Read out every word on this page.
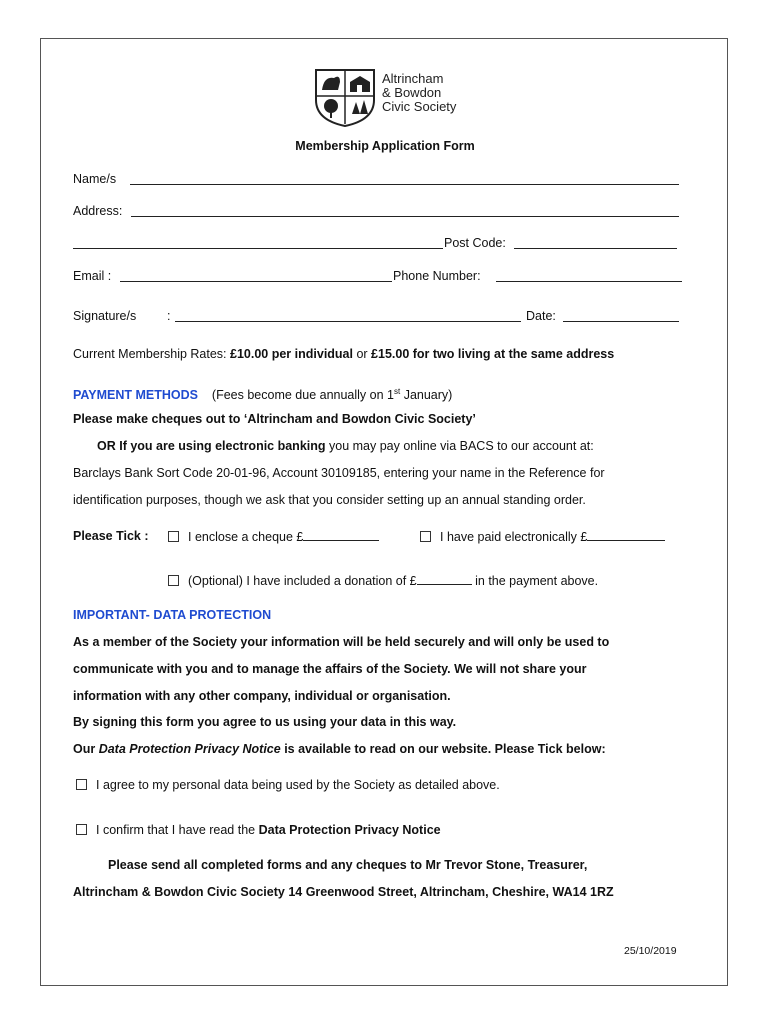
Altrincham
& Bowdon
Civic Society
Membership Application Form
Name/s
Address:
Post Code:
Email :	Phone Number:
Signature/s :	Date:
Current Membership Rates: £10.00 per individual or £15.00 for two living at the same address
PAYMENT METHODS (Fees become due annually on 1st January)
Please make cheques out to ‘Altrincham and Bowdon Civic Society’
OR If you are using electronic banking you may pay online via BACS to our account at:
Barclays Bank Sort Code 20-01-96, Account 30109185, entering your name in the Reference for
identification purposes, though we ask that you consider setting up an annual standing order.
Please Tick :	I enclose a cheque £	I have paid electronically £
(Optional) I have included a donation of £	in the payment above.
IMPORTANT- DATA PROTECTION
As a member of the Society your information will be held securely and will only be used to
communicate with you and to manage the affairs of the Society. We will not share your
information with any other company, individual or organisation.
By signing this form you agree to us using your data in this way.
Our Data Protection Privacy Notice is available to read on our website. Please Tick below:
I agree to my personal data being used by the Society as detailed above.
I confirm that I have read the Data Protection Privacy Notice
Please send all completed forms and any cheques to Mr Trevor Stone, Treasurer,
Altrincham & Bowdon Civic Society 14 Greenwood Street, Altrincham, Cheshire, WA14 1RZ
25/10/2019
